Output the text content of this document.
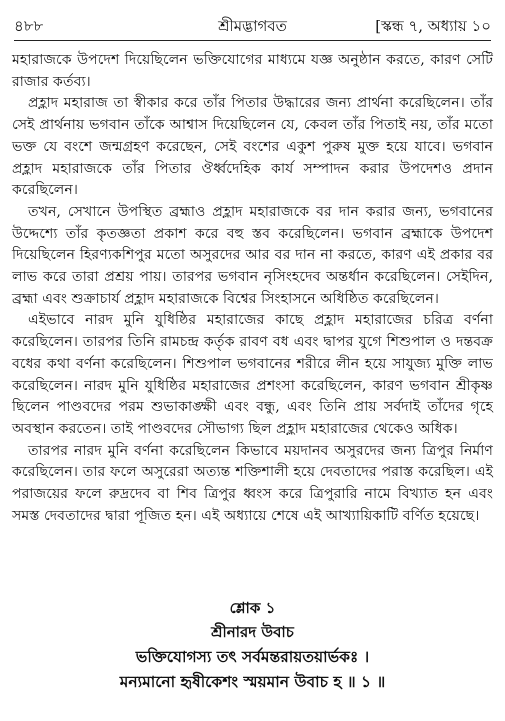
৪৮৮	শ্রীমদ্ভাগবত	[স্কন্ধ ৭, অধ্যায় ১০

মহারাজকে উপদেশ দিয়েছিলেন ভক্তিযোগের মাধ্যমে যজ্ঞ অনুষ্ঠান করতে, কারণ সেটি রাজার কর্তব্য।

প্রহ্লাদ মহারাজ তা স্বীকার করে তাঁর পিতার উদ্ধারের জন্য প্রার্থনা করেছিলেন। তাঁর সেই প্রার্থনায় ভগবান তাঁকে আশ্বাস দিয়েছিলেন যে, কেবল তাঁর পিতাই নয়, তাঁর মতো ভক্ত যে বংশে জন্মগ্রহণ করেছেন, সেই বংশের একুশ পুরুষ মুক্ত হয়ে যাবে। ভগবান প্রহ্লাদ মহারাজকে তাঁর পিতার ঔর্ধ্বদেহিক কার্য সম্পাদন করার উপদেশও প্রদান করেছিলেন।

তখন, সেখানে উপস্থিত ব্রহ্মাও প্রহ্লাদ মহারাজকে বর দান করার জন্য, ভগবানের উদ্দেশ্যে তাঁর কৃতজ্ঞতা প্রকাশ করে বহু স্তব করেছিলেন। ভগবান ব্রহ্মাকে উপদেশ দিয়েছিলেন হিরণ্যকশিপুর মতো অসুরদের আর বর দান না করতে, কারণ এই প্রকার বর লাভ করে তারা প্রশ্রয় পায়। তারপর ভগবান নৃসিংহদেব অন্তর্ধান করেছিলেন। সেইদিন, ব্রহ্মা এবং শুক্রাচার্য প্রহ্লাদ মহারাজকে বিশ্বের সিংহাসনে অধিষ্ঠিত করেছিলেন।

এইভাবে নারদ মুনি যুধিষ্ঠির মহারাজের কাছে প্রহ্লাদ মহারাজের চরিত্র বর্ণনা করেছিলেন। তারপর তিনি রামচন্দ্র কর্তৃক রাবণ বধ এবং দ্বাপর যুগে শিশুপাল ও দন্তবক্র বধের কথা বর্ণনা করেছিলেন। শিশুপাল ভগবানের শরীরে লীন হয়ে সাযুজ্য মুক্তি লাভ করেছিলেন। নারদ মুনি যুধিষ্ঠির মহারাজের প্রশংসা করেছিলেন, কারণ ভগবান শ্রীকৃষ্ণ ছিলেন পাণ্ডবদের পরম শুভাকাঙ্ক্ষী এবং বন্ধু, এবং তিনি প্রায় সর্বদাই তাঁদের গৃহে অবস্থান করতেন। তাই পাণ্ডবদের সৌভাগ্য ছিল প্রহ্লাদ মহারাজের থেকেও অধিক।

তারপর নারদ মুনি বর্ণনা করেছিলেন কিভাবে ময়দানব অসুরদের জন্য ত্রিপুর নির্মাণ করেছিলেন। তার ফলে অসুরেরা অত্যন্ত শক্তিশালী হয়ে দেবতাদের পরাস্ত করেছিল। এই পরাজয়ের ফলে রুদ্রদেব বা শিব ত্রিপুর ধ্বংস করে ত্রিপুরারি নামে বিখ্যাত হন এবং সমস্ত দেবতাদের দ্বারা পূজিত হন। এই অধ্যায়ে শেষে এই আখ্যায়িকাটি বর্ণিত হয়েছে।

শ্লোক ১
শ্রীনারদ উবাচ
ভক্তিযোগস্য তৎ সর্বমন্তরায়তয়ার্ভকঃ ।
মন্যমানো হৃষীকেশং স্ময়মান উবাচ হ ॥ ১ ॥
